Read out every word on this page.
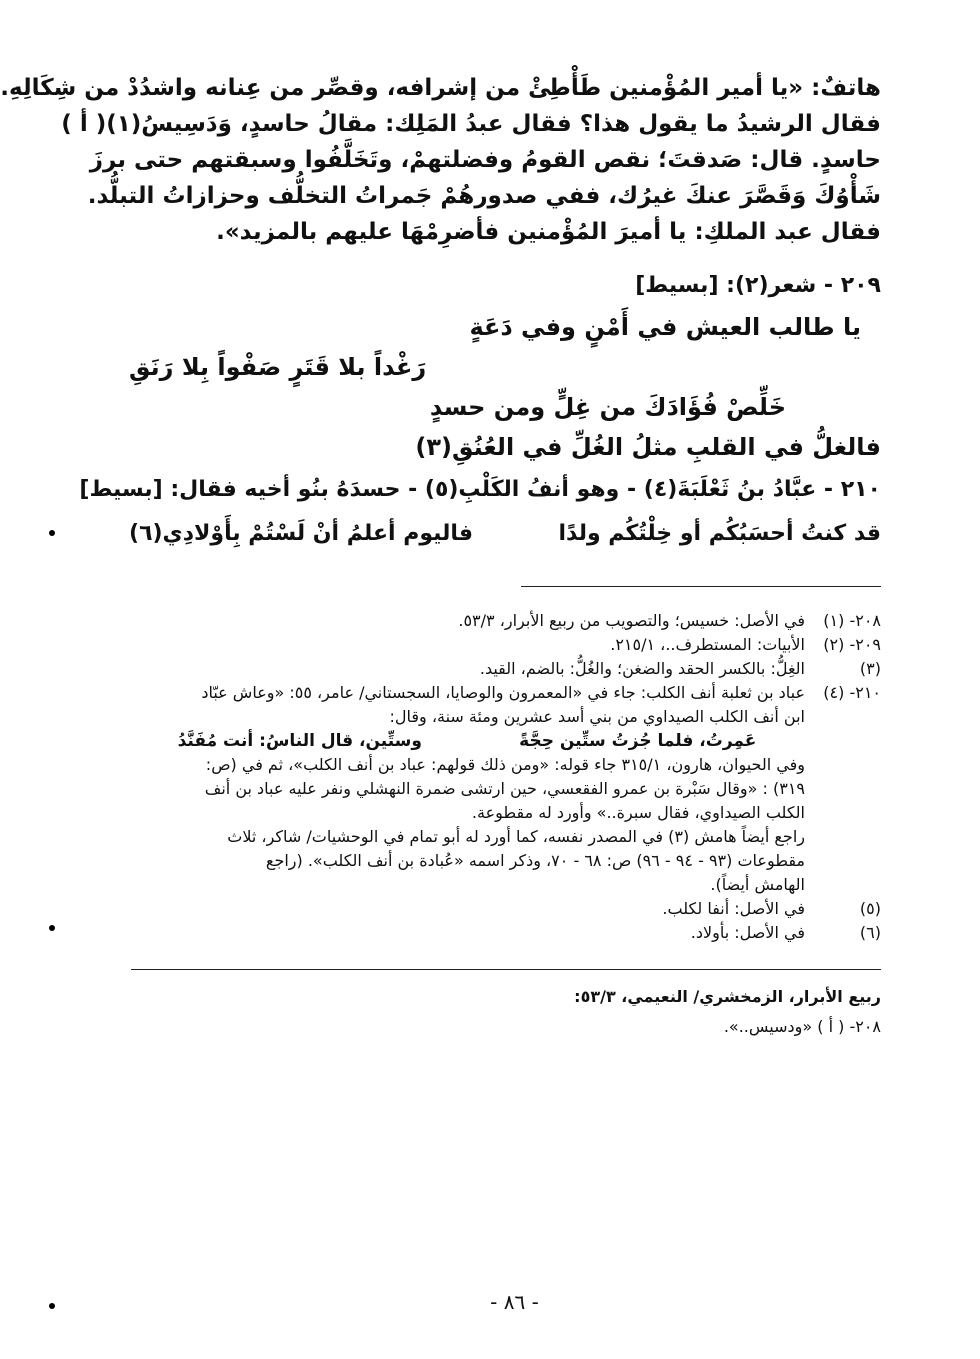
هاتفٌ: «يا أمير المُؤْمنين طَأْطِئْ من إشرافه، وقصِّر من عِنانه واشدُدْ من شِكَالِهِ.

فقال الرشيدُ ما يقول هذا؟ فقال عبدُ المَلِك: مقالُ حاسدٍ، وَدَسِيسُ(١)( أ )

حاسدٍ. قال: صَدقتَ؛ نقص القومُ وفضلتهمْ، وتَخَلَّفُوا وسبقتهم حتى برزَ

شَأْوُكَ وَقَصَّرَ عنكَ غيرُك، ففي صدورهُمْ جَمراتُ التخلُّف وحزازاتُ التبلُّد.

فقال عبد الملكِ: يا أميرَ المُؤْمنين فأضرِمْهَا عليهم بالمزيد».

٢٠٩ - شعر(٢): [بسيط]
يا طالب العيش في أَمْنٍ وفي دَعَةٍ
رَغْداً بلا قَتَرٍ صَفْواً بِلا رَنَقِ
خَلِّصْ فُؤَادَكَ من غِلٍّ ومن حسدٍ
فالغلُّ في القلبِ مثلُ الغُلِّ في العُنُقِ(٣)
٢١٠ - عبَّادُ بنُ ثَعْلَبَةَ(٤) - وهو أنفُ الكَلْبِ(٥) - حسدَهُ بنُو أخيه فقال: [بسيط]
قد كنتُ أحسَبُكُم أو خِلْتُكُم ولدًا
فاليوم أعلمُ أنْ لَسْتُمْ بِأَوْلادِي(٦)
٢٠٨- (١)

في الأصل: خسيس؛ والتصويب من ربيع الأبرار، ٥٣/٣.

٢٠٩- (٢)

الأبيات: المستطرف..، ٢١٥/١.

(٣)

الغِلُّ: بالكسر الحقد والضغن؛ والغُلُّ: بالضم، القيد.

٢١٠- (٤)

عباد بن ثعلبة أنف الكلب: جاء في «المعمرون والوصايا، السجستاني/ عامر، ٥٥: «وعاش عبّاد

ابن أنف الكلب الصيداوي من بني أسد عشرين ومئة سنة، وقال:

عَمِرتُ، فلما جُزتُ ستِّين حِجَّةً
وستِّين، قال الناسُ: أنت مُفَنَّدُ

وفي الحيوان، هارون، ٣١٥/١ جاء قوله: «ومن ذلك قولهم: عباد بن أنف الكلب»، ثم في (ص:

٣١٩) : «وقال سَبْرة بن عمرو الفقعسي، حين ارتشى ضمرة النهشلي ونفر عليه عباد بن أنف

الكلب الصيداوي، فقال سبرة..» وأورد له مقطوعة.

راجع أيضاً هامش (٣) في المصدر نفسه، كما أورد له أبو تمام في الوحشيات/ شاكر، ثلاث

مقطوعات (٩٣ - ٩٤ - ٩٦) ص: ٦٨ - ٧٠، وذكر اسمه «عُبادة بن أنف الكلب». (راجع

الهامش أيضاً).

(٥)

في الأصل: أنفا لكلب.

(٦)

في الأصل: بأولاد.

ربيع الأبرار، الزمخشري/ النعيمي، ٥٣/٣:
٢٠٨- ( أ ) «ودسيس..».
- ٨٦ -
